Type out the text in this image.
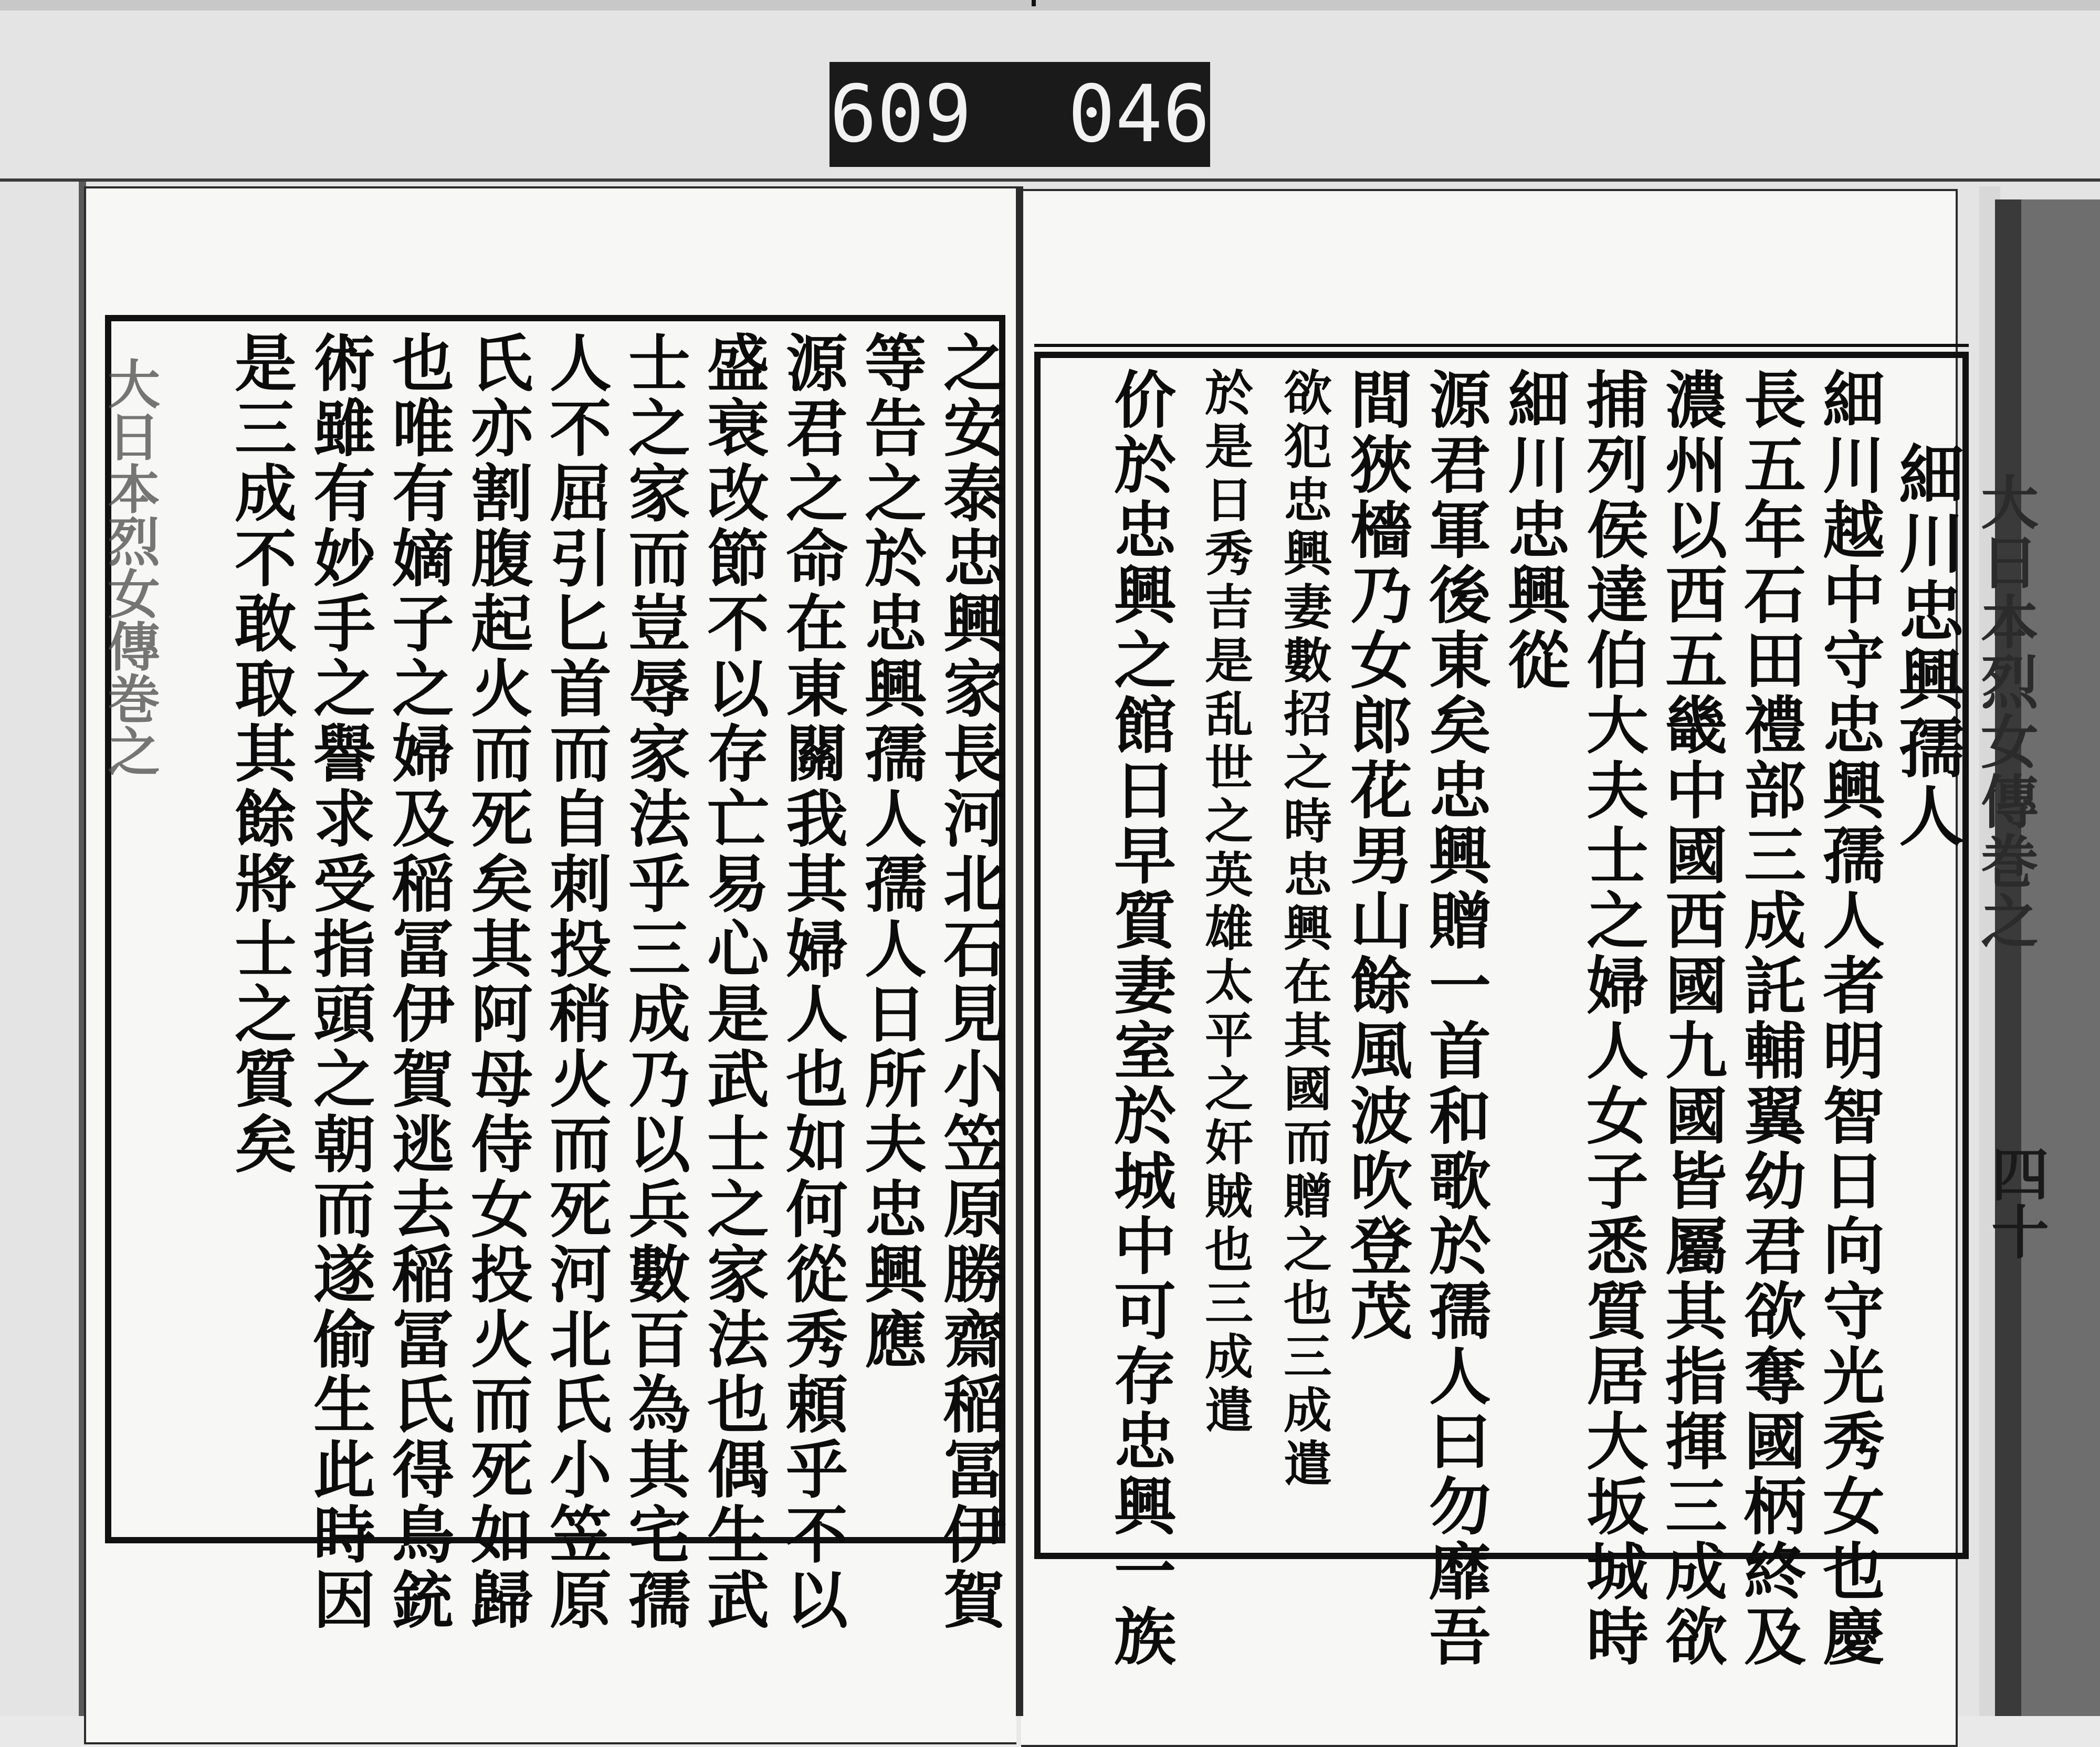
609 046
大日本烈女傳巻之	大日本烈女傳巻之
四十
細川忠興孺人
細川越中守忠興孺人者明智日向守光秀女也慶
長五年石田禮部三成託輔翼幼君欲奪國柄終及
濃州以西五畿中國西國九國皆屬其指揮三成欲
捕列侯達伯大夫士之婦人女子悉質居大坂城時
細川忠興從
源君軍後東矣忠興贈一首和歌於孺人曰勿靡吾
間狹檣乃女郎花男山餘風波吹登茂
欲犯忠興妻數招之時忠興在其國而贈之也三成遣
於是日秀吉是乱世之英雄太平之奸賊也三成遣
价於忠興之館日早質妻室於城中可存忠興一族
之安泰忠興家長河北石見小笠原勝齋稲冨伊賀
等告之於忠興孺人孺人日所夫忠興應
源君之命在東關我其婦人也如何從秀頼乎不以
盛衰改節不以存亡易心是武士之家法也偶生武
士之家而豈辱家法乎三成乃以兵數百為其宅孺
人不屈引匕首而自刺投稍火而死河北氏小笠原
氏亦割腹起火而死矣其阿母侍女投火而死如歸
也唯有嫡子之婦及稲冨伊賀逃去稲冨氏得鳥銃
術雖有妙手之譽求受指頭之朝而遂偷生此時因
是三成不敢取其餘將士之質矣
